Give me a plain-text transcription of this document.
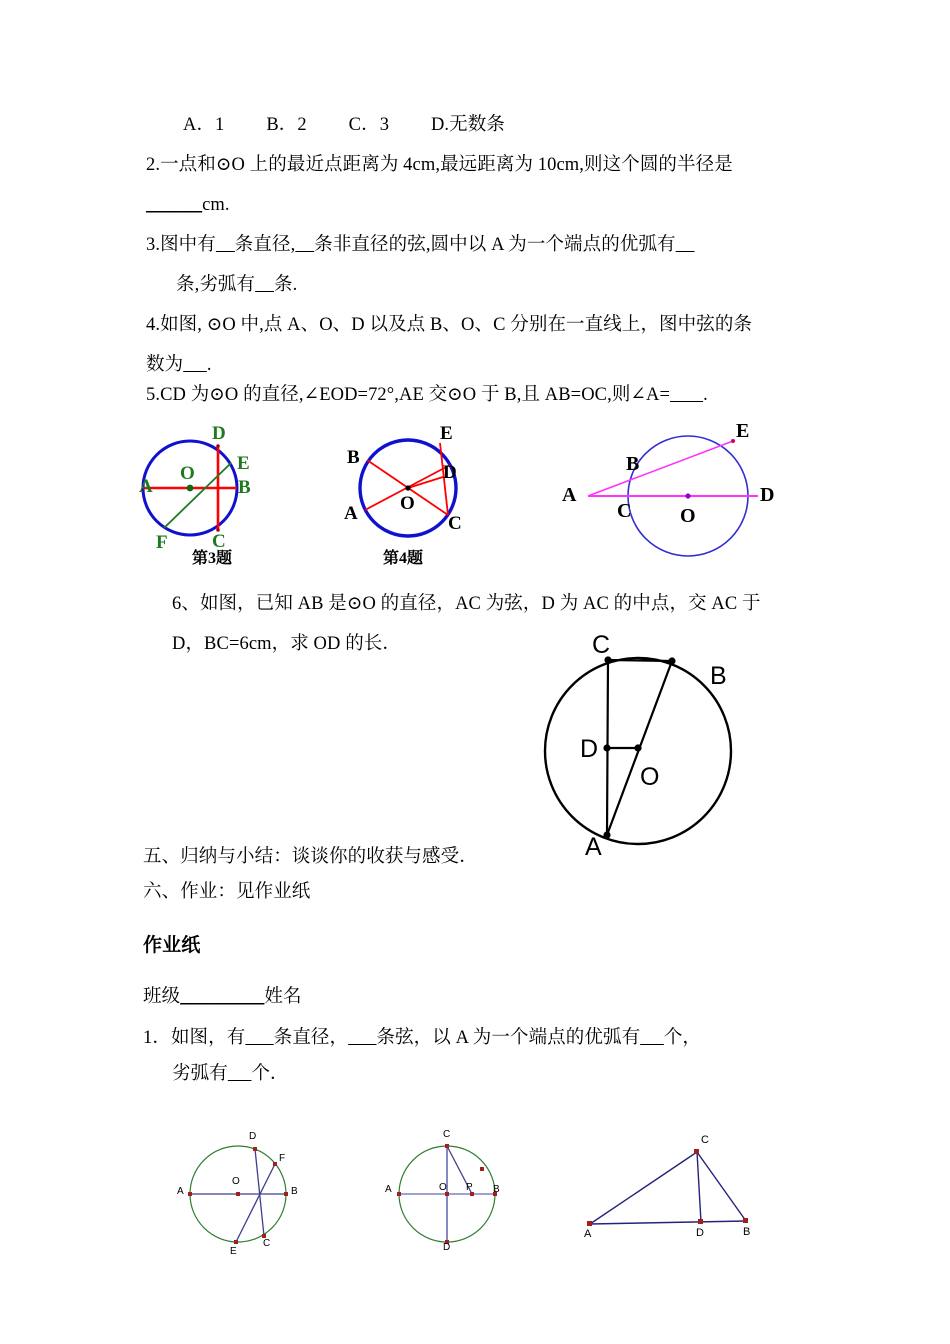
A．1　　 B．2　　 C．3　　 D.无数条
2.一点和⊙O 上的最近点距离为 4cm,最远距离为 10cm,则这个圆的半径是
______cm.
3.图中有 条直径, 条非直径的弦,圆中以 A 为一个端点的优弧有
条,劣弧有 条.
4.如图, ⊙O 中,点 A、O、D 以及点 B、O、C 分别在一直线上，图中弦的条
数为 .
5.CD 为⊙O 的直径,∠EOD=72°,AE 交⊙O 于 B,且 AB=OC,则∠A= .
A	B
C
D
E
F
O
第3题
A
B
C
D
E
O
第4题
A
B
C
D
E
O
6、如图，已知 AB 是⊙O 的直径，AC 为弦，D 为 AC 的中点，交 AC 于
D，BC=6cm，求 OD 的长．	C
B
D
O
A
五、归纳与小结：谈谈你的收获与感受．
六、作业：见作业纸
作业纸
班级_________姓名
1．如图，有 条直径， 条弦，以 A 为一个端点的优弧有 个，
劣弧有 个．
A	B
C
D
E
F
O
A	B
C
D
O P
A	B
C
D
